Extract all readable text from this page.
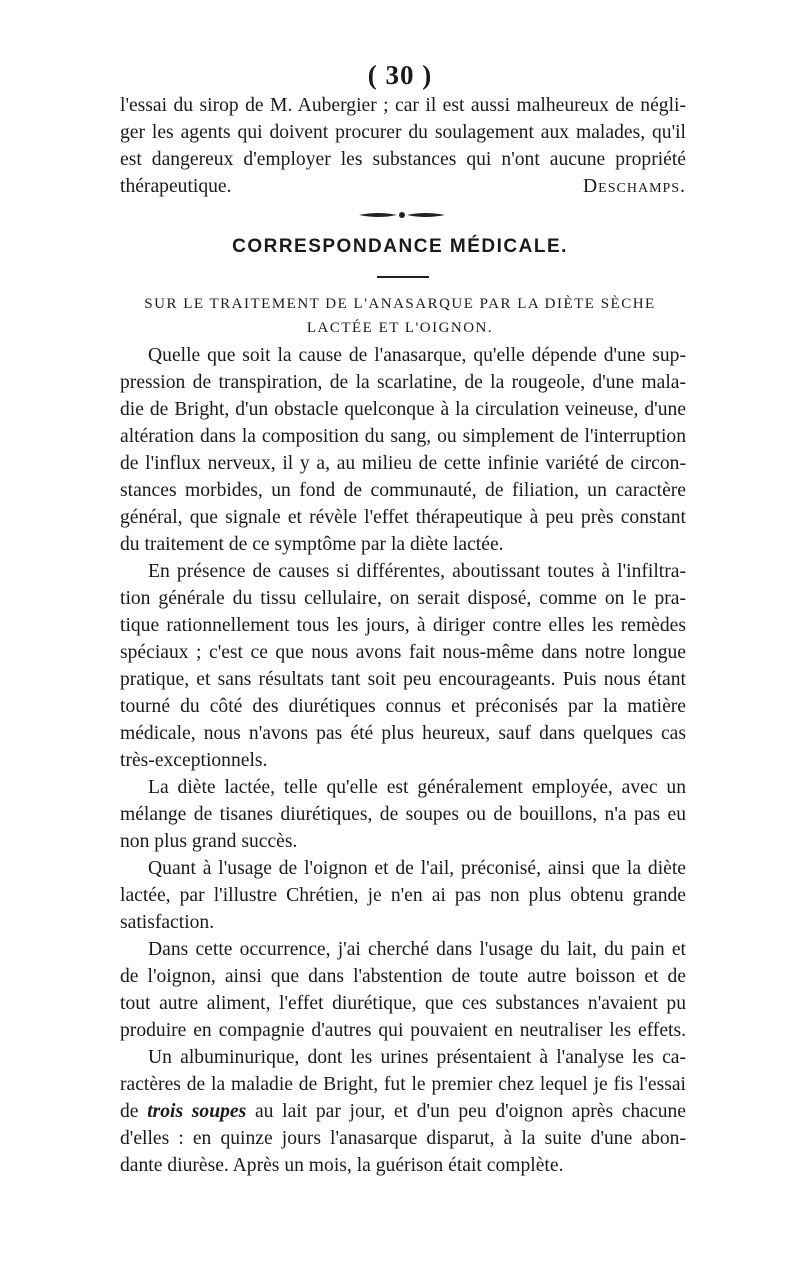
( 30 )
l'essai du sirop de M. Aubergier ; car il est aussi malheureux de négli-
ger les agents qui doivent procurer du soulagement aux malades, qu'il
est dangereux d'employer les substances qui n'ont aucune propriété
thérapeutique.	Deschamps.
CORRESPONDANCE MÉDICALE.
SUR LE TRAITEMENT DE L'ANASARQUE PAR LA DIÈTE SÈCHE
LACTÉE ET L'OIGNON.
Quelle que soit la cause de l'anasarque, qu'elle dépende d'une sup-
pression de transpiration, de la scarlatine, de la rougeole, d'une mala-
die de Bright, d'un obstacle quelconque à la circulation veineuse, d'une
altération dans la composition du sang, ou simplement de l'interruption
de l'influx nerveux, il y a, au milieu de cette infinie variété de circon-
stances morbides, un fond de communauté, de filiation, un caractère
général, que signale et révèle l'effet thérapeutique à peu près constant
du traitement de ce symptôme par la diète lactée.
En présence de causes si différentes, aboutissant toutes à l'infiltra-
tion générale du tissu cellulaire, on serait disposé, comme on le pra-
tique rationnellement tous les jours, à diriger contre elles les remèdes
spéciaux ; c'est ce que nous avons fait nous-même dans notre longue
pratique, et sans résultats tant soit peu encourageants. Puis nous étant
tourné du côté des diurétiques connus et préconisés par la matière
médicale, nous n'avons pas été plus heureux, sauf dans quelques cas
très-exceptionnels.
La diète lactée, telle qu'elle est généralement employée, avec un
mélange de tisanes diurétiques, de soupes ou de bouillons, n'a pas eu
non plus grand succès.
Quant à l'usage de l'oignon et de l'ail, préconisé, ainsi que la diète
lactée, par l'illustre Chrétien, je n'en ai pas non plus obtenu grande
satisfaction.
Dans cette occurrence, j'ai cherché dans l'usage du lait, du pain et
de l'oignon, ainsi que dans l'abstention de toute autre boisson et de
tout autre aliment, l'effet diurétique, que ces substances n'avaient pu
produire en compagnie d'autres qui pouvaient en neutraliser les effets.
Un albuminurique, dont les urines présentaient à l'analyse les ca-
ractères de la maladie de Bright, fut le premier chez lequel je fis l'essai
de trois soupes au lait par jour, et d'un peu d'oignon après chacune
d'elles : en quinze jours l'anasarque disparut, à la suite d'une abon-
dante diurèse. Après un mois, la guérison était complète.
